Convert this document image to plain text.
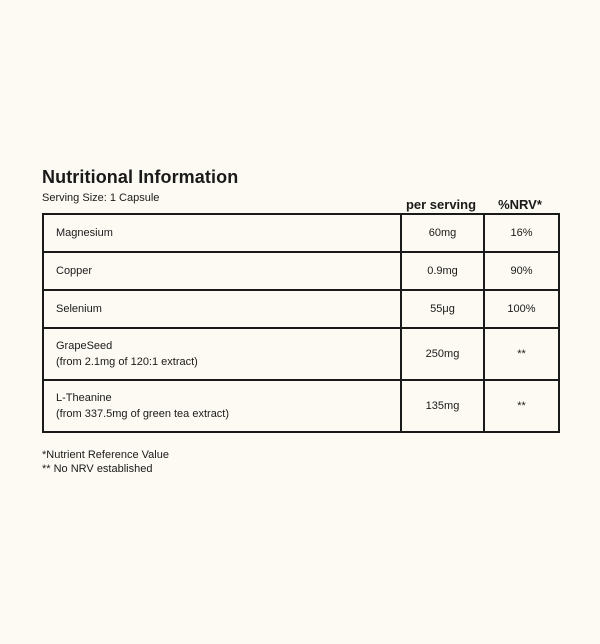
Nutritional Information
Serving Size: 1 Capsule	per serving	%NRV*
Magnesium	60mg	16%
Copper	0.9mg	90%
Selenium	55μg	100%

GrapeSeed
(from 2.1mg of 120:1 extract)	250mg	**

L-Theanine
(from 337.5mg of green tea extract)	135mg	**
*Nutrient Reference Value
** No NRV established
